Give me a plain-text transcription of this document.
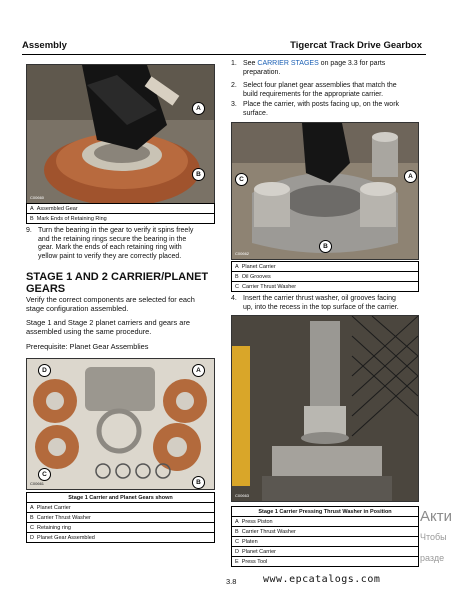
Assembly	Tigercat Track Drive Gearbox
C00660
A
B
A Assembled Gear
B Mark Ends of Retaining Ring
9. Turn the bearing in the gear to verify it spins freely
and the retaining rings secure the bearing in the
gear. Mark the ends of each retaining ring with
yellow paint to verify they are correctly placed.
STAGE 1 AND 2 CARRIER/PLANET
GEARS
Verify the correct components are selected for each
stage configuration assembled.
Stage 1 and Stage 2 planet carriers and gears are
assembled using the same procedure.
Prerequisite: Planet Gear Assemblies
C00661
D	A
C
B
Stage 1 Carrier and Planet Gears shown
A Planet Carrier
B Carrier Thrust Washer
C Retaining ring
D Planet Gear Assembled
1. See CARRIER STAGES on page 3.3 for parts
preparation.
2. Select four planet gear assemblies that match the
build requirements for the appropriate carrier.
3. Place the carrier, with posts facing up, on the work
surface.
C00662
C	A
B
A Planet Carrier
B Oil Grooves
C Carrier Thrust Washer
4. Insert the carrier thrust washer, oil grooves facing
up, into the recess in the top surface of the carrier.
C00663
Stage 1 Carrier Pressing Thrust Washer in Position
A Press Piston
B Carrier Thrust Washer
C Platen
D Planet Carrier
E Press Tool
Акти
Чтобы
разде
3.8	www.epcatalogs.com
